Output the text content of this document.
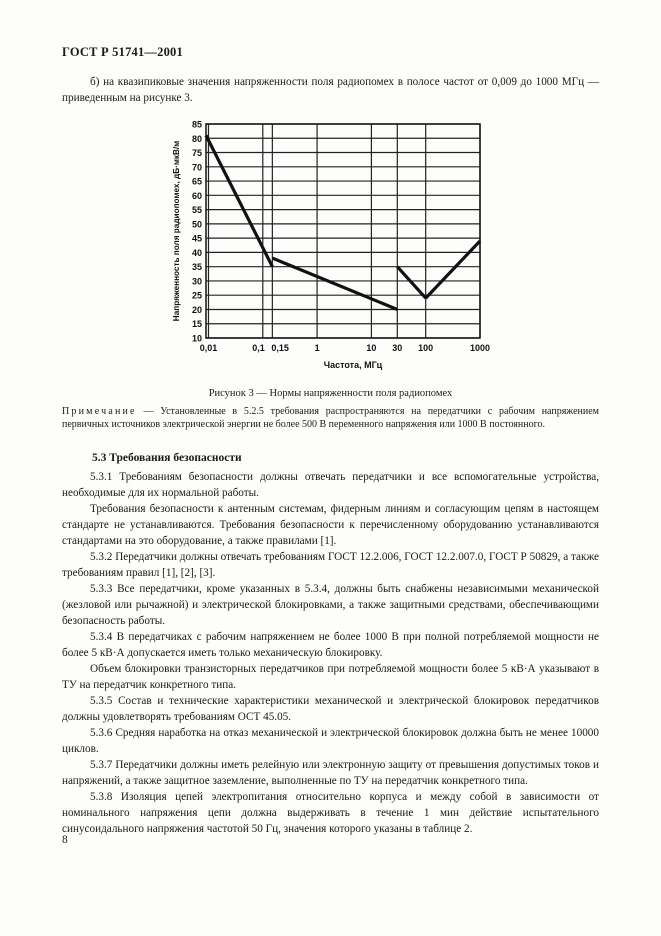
ГОСТ Р 51741—2001

б) на квазипиковые значения напряженности поля радиопомех в полосе частот от 0,009 до 1000 МГц — приведенным на рисунке 3.

10
15
20
25
30
35
40
45
50
55
60
65
70
75
80
85
0,01	0,1 0,15	1	10 30 100	1000
Частота, МГц
Напряженность поля радиопомех, дБ·мкВ/м
Рисунок 3 — Нормы напряженности поля радиопомех
Примечание — Установленные в 5.2.5 требования распространяются на передатчики с рабочим напряжением первичных источников электрической энергии не более 500 В переменного напряжения или 1000 В постоянного.
5.3 Требования безопасности

5.3.1 Требованиям безопасности должны отвечать передатчики и все вспомогательные устройства, необходимые для их нормальной работы.

Требования безопасности к антенным системам, фидерным линиям и согласующим цепям в настоящем стандарте не устанавливаются. Требования безопасности к перечисленному оборудованию устанавливаются стандартами на это оборудование, а также правилами [1].

5.3.2 Передатчики должны отвечать требованиям ГОСТ 12.2.006, ГОСТ 12.2.007.0, ГОСТ Р 50829, а также требованиям правил [1], [2], [3].

5.3.3 Все передатчики, кроме указанных в 5.3.4, должны быть снабжены независимыми механической (жезловой или рычажной) и электрической блокировками, а также защитными средствами, обеспечивающими безопасность работы.

5.3.4 В передатчиках с рабочим напряжением не более 1000 В при полной потребляемой мощности не более 5 кВ·А допускается иметь только механическую блокировку.

Объем блокировки транзисторных передатчиков при потребляемой мощности более 5 кВ·А указывают в ТУ на передатчик конкретного типа.

5.3.5 Состав и технические характеристики механической и электрической блокировок передатчиков должны удовлетворять требованиям ОСТ 45.05.

5.3.6 Средняя наработка на отказ механической и электрической блокировок должна быть не менее 10000 циклов.

5.3.7 Передатчики должны иметь релейную или электронную защиту от превышения допустимых токов и напряжений, а также защитное заземление, выполненные по ТУ на передатчик конкретного типа.

5.3.8 Изоляция цепей электропитания относительно корпуса и между собой в зависимости от номинального напряжения цепи должна выдерживать в течение 1 мин действие испытательного синусоидального напряжения частотой 50 Гц, значения которого указаны в таблице 2.

8
